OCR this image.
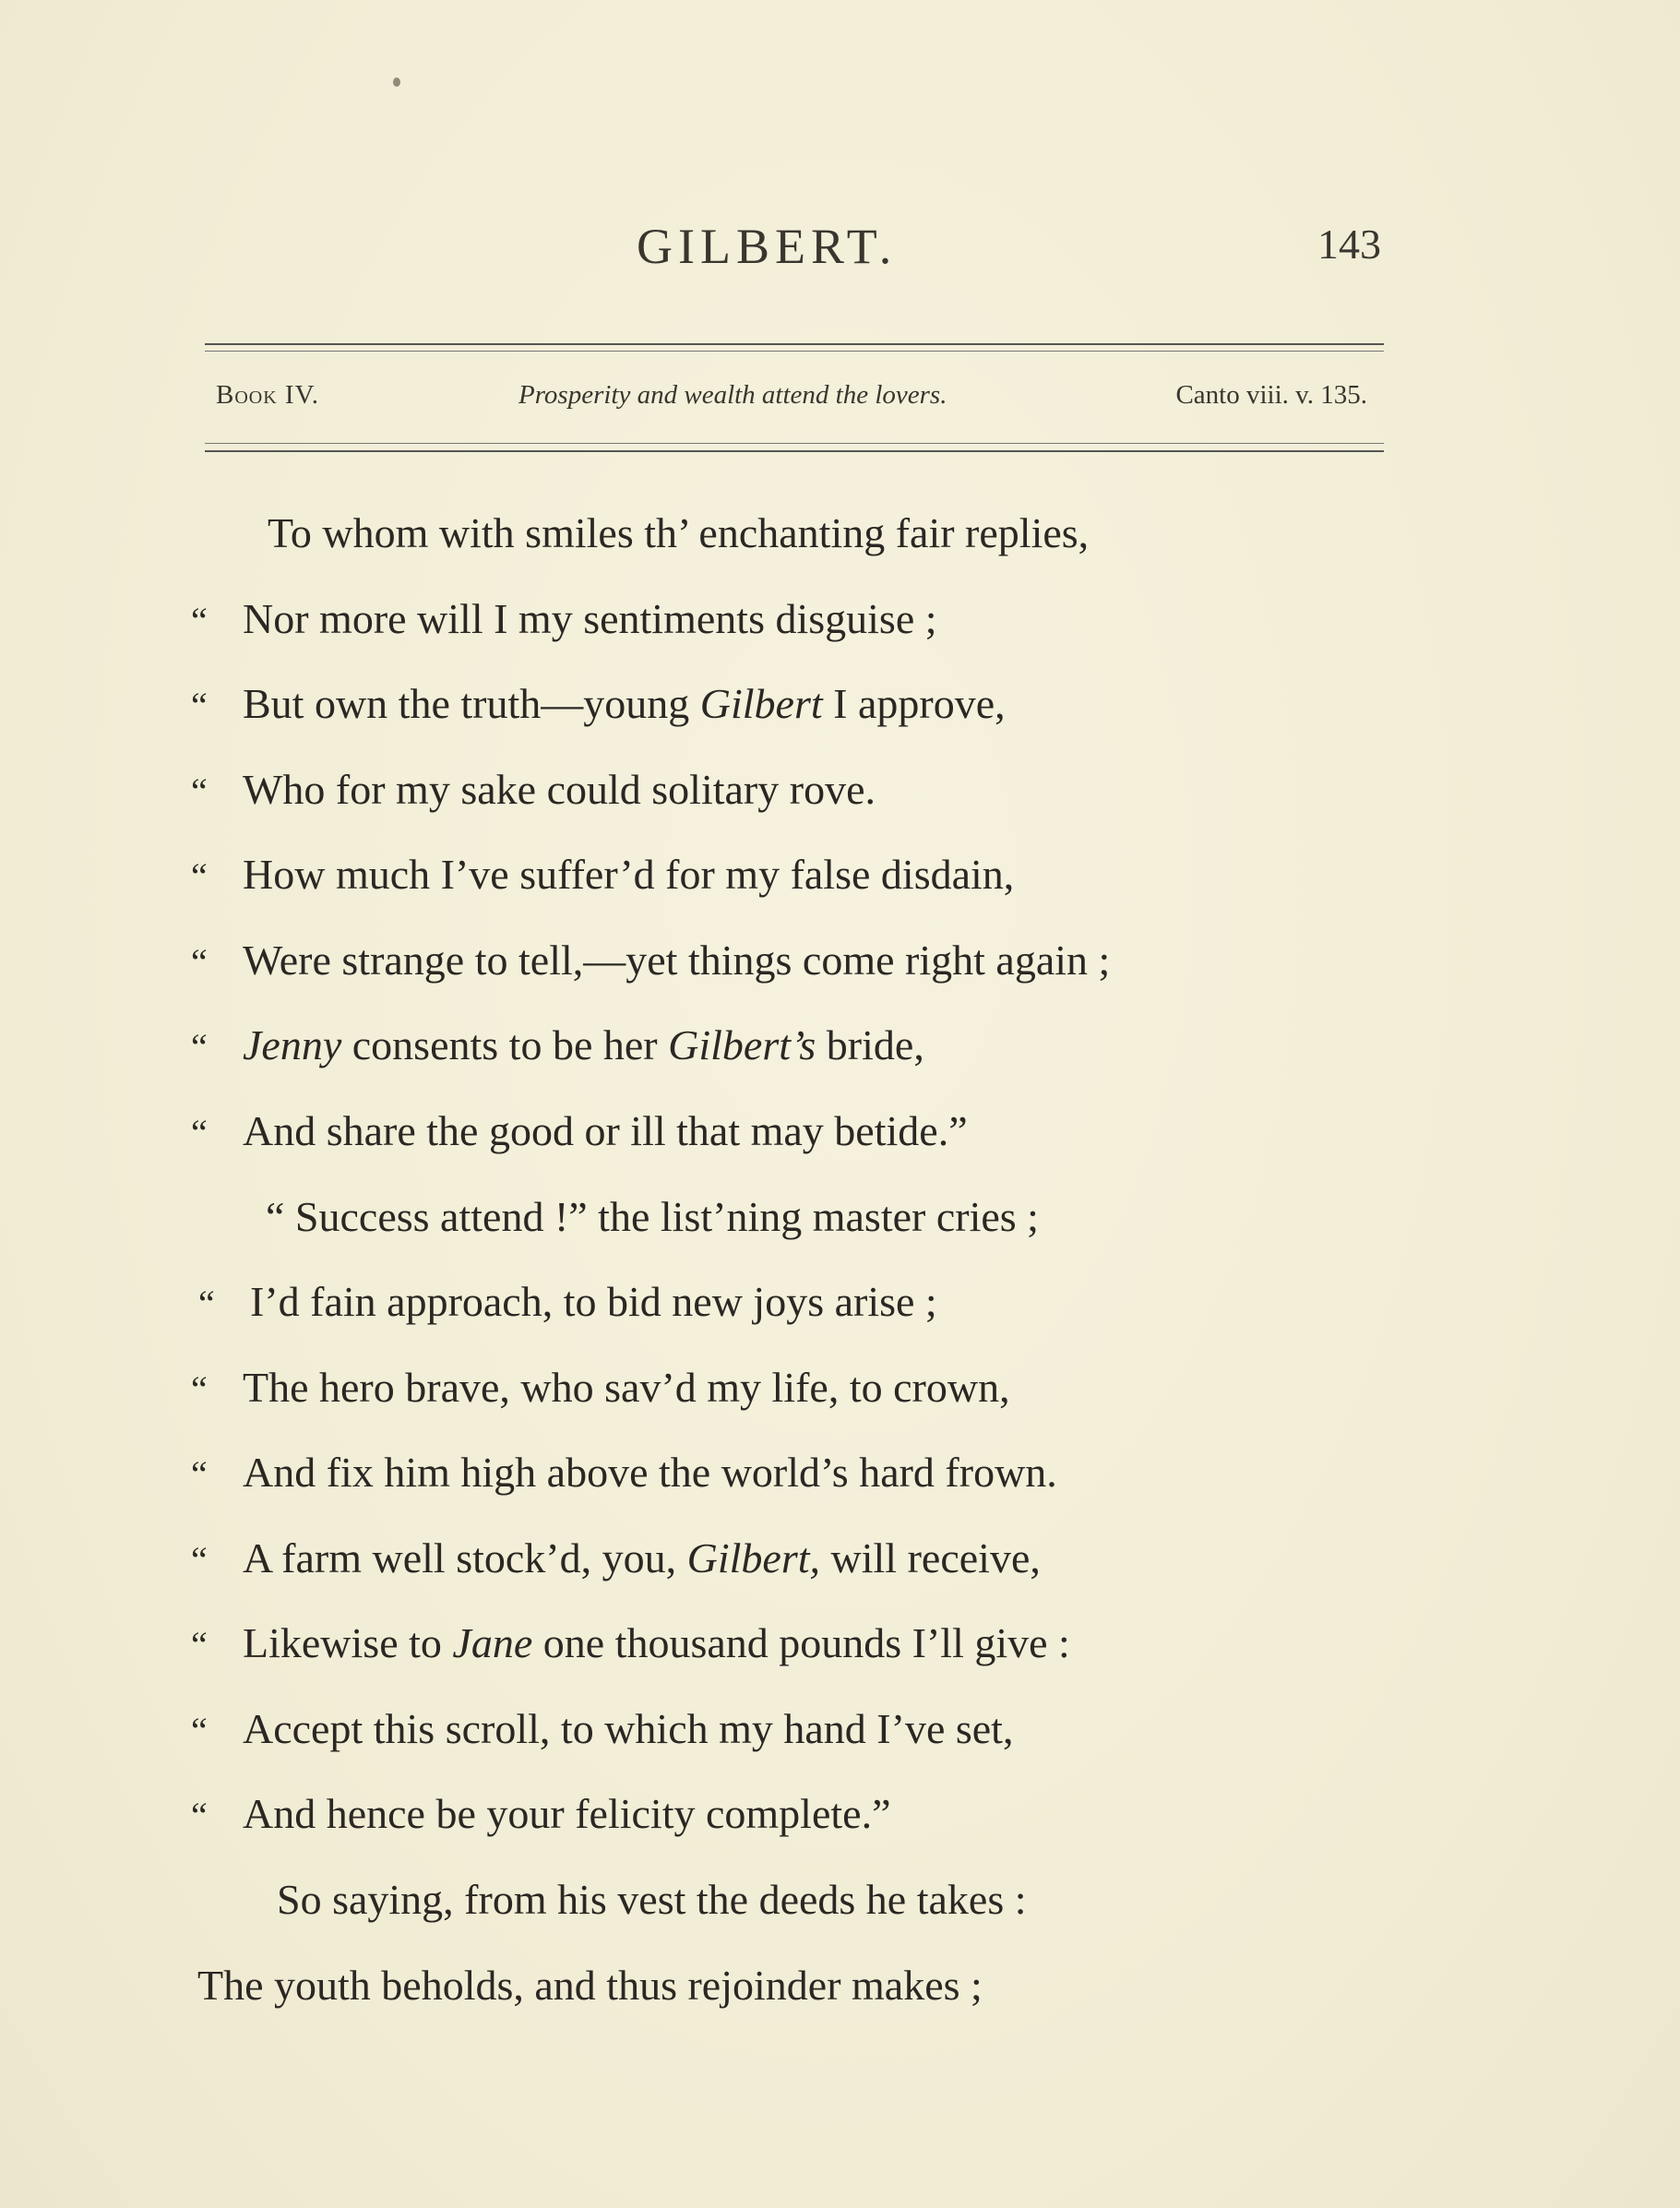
GILBERT.	143
Book IV.	Prosperity and wealth attend the lovers.	Canto viii. v. 135.
To whom with smiles th’ enchanting fair replies,
“ Nor more will I my sentiments disguise ;
“ But own the truth—young Gilbert I approve,
“ Who for my sake could solitary rove.
“ How much I’ve suffer’d for my false disdain,
“ Were strange to tell,—yet things come right again ;
“ Jenny consents to be her Gilbert’s bride,
“ And share the good or ill that may betide.”
“ Success attend !” the list’ning master cries ;
“ I’d fain approach, to bid new joys arise ;
“ The hero brave, who sav’d my life, to crown,
“ And fix him high above the world’s hard frown.
“ A farm well stock’d, you, Gilbert, will receive,
“ Likewise to Jane one thousand pounds I’ll give :
“ Accept this scroll, to which my hand I’ve set,
“ And hence be your felicity complete.”
So saying, from his vest the deeds he takes :
The youth beholds, and thus rejoinder makes ;
